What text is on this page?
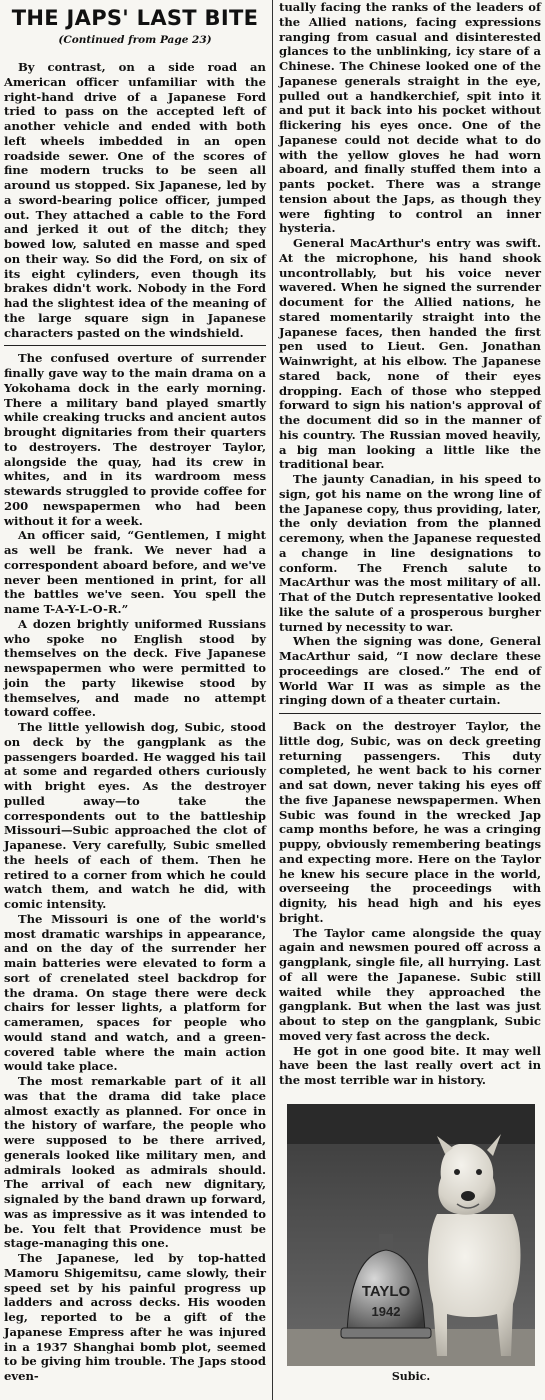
THE JAPS' LAST BITE
(Continued from Page 23)

By contrast, on a side road an American officer unfamiliar with the right-hand drive of a Japanese Ford tried to pass on the accepted left of another vehicle and ended with both left wheels imbedded in an open roadside sewer. One of the scores of fine modern trucks to be seen all around us stopped. Six Japanese, led by a sword-bearing police officer, jumped out. They attached a cable to the Ford and jerked it out of the ditch; they bowed low, saluted en masse and sped on their way. So did the Ford, on six of its eight cylinders, even though its brakes didn't work. Nobody in the Ford had the slightest idea of the meaning of the large square sign in Japanese characters pasted on the windshield.

The confused overture of surrender finally gave way to the main drama on a Yokohama dock in the early morning. There a military band played smartly while creaking trucks and ancient autos brought dignitaries from their quarters to destroyers. The destroyer Taylor, alongside the quay, had its crew in whites, and in its wardroom mess stewards struggled to provide coffee for 200 newspapermen who had been without it for a week.

An officer said, “Gentlemen, I might as well be frank. We never had a correspondent aboard before, and we've never been mentioned in print, for all the battles we've seen. You spell the name T-A-Y-L-O-R.”

A dozen brightly uniformed Russians who spoke no English stood by themselves on the deck. Five Japanese newspapermen who were permitted to join the party likewise stood by themselves, and made no attempt toward coffee.

The little yellowish dog, Subic, stood on deck by the gangplank as the passengers boarded. He wagged his tail at some and regarded others curiously with bright eyes. As the destroyer pulled away—to take the correspondents out to the battleship Missouri—Subic approached the clot of Japanese. Very carefully, Subic smelled the heels of each of them. Then he retired to a corner from which he could watch them, and watch he did, with comic intensity.

The Missouri is one of the world's most dramatic warships in appearance, and on the day of the surrender her main batteries were elevated to form a sort of crenelated steel backdrop for the drama. On stage there were deck chairs for lesser lights, a platform for cameramen, spaces for people who would stand and watch, and a green-covered table where the main action would take place.

The most remarkable part of it all was that the drama did take place almost exactly as planned. For once in the history of warfare, the people who were supposed to be there arrived, generals looked like military men, and admirals looked as admirals should. The arrival of each new dignitary, signaled by the band drawn up forward, was as impressive as it was intended to be. You felt that Providence must be stage-managing this one.

The Japanese, led by top-hatted Mamoru Shigemitsu, came slowly, their speed set by his painful progress up ladders and across decks. His wooden leg, reported to be a gift of the Japanese Empress after he was injured in a 1937 Shanghai bomb plot, seemed to be giving him trouble. The Japs stood even-

tually facing the ranks of the leaders of the Allied nations, facing expressions ranging from casual and disinterested glances to the unblinking, icy stare of a Chinese. The Chinese looked one of the Japanese generals straight in the eye, pulled out a handkerchief, spit into it and put it back into his pocket without flickering his eyes once. One of the Japanese could not decide what to do with the yellow gloves he had worn aboard, and finally stuffed them into a pants pocket. There was a strange tension about the Japs, as though they were fighting to control an inner hysteria.

General MacArthur's entry was swift. At the microphone, his hand shook uncontrollably, but his voice never wavered. When he signed the surrender document for the Allied nations, he stared momentarily straight into the Japanese faces, then handed the first pen used to Lieut. Gen. Jonathan Wainwright, at his elbow. The Japanese stared back, none of their eyes dropping. Each of those who stepped forward to sign his nation's approval of the document did so in the manner of his country. The Russian moved heavily, a big man looking a little like the traditional bear.

The jaunty Canadian, in his speed to sign, got his name on the wrong line of the Japanese copy, thus providing, later, the only deviation from the planned ceremony, when the Japanese requested a change in line designations to conform. The French salute to MacArthur was the most military of all. That of the Dutch representative looked like the salute of a prosperous burgher turned by necessity to war.

When the signing was done, General MacArthur said, “I now declare these proceedings are closed.” The end of World War II was as simple as the ringing down of a theater curtain.

Back on the destroyer Taylor, the little dog, Subic, was on deck greeting returning passengers. This duty completed, he went back to his corner and sat down, never taking his eyes off the five Japanese newspapermen. When Subic was found in the wrecked Jap camp months before, he was a cringing puppy, obviously remembering beatings and expecting more. Here on the Taylor he knew his secure place in the world, overseeing the proceedings with dignity, his head high and his eyes bright.

The Taylor came alongside the quay again and newsmen poured off across a gangplank, single file, all hurrying. Last of all were the Japanese. Subic still waited while they approached the gangplank. But when the last was just about to step on the gangplank, Subic moved very fast across the deck.

He got in one good bite. It may well have been the last really overt act in the most terrible war in history.

TAYLO
1942
Subic.
